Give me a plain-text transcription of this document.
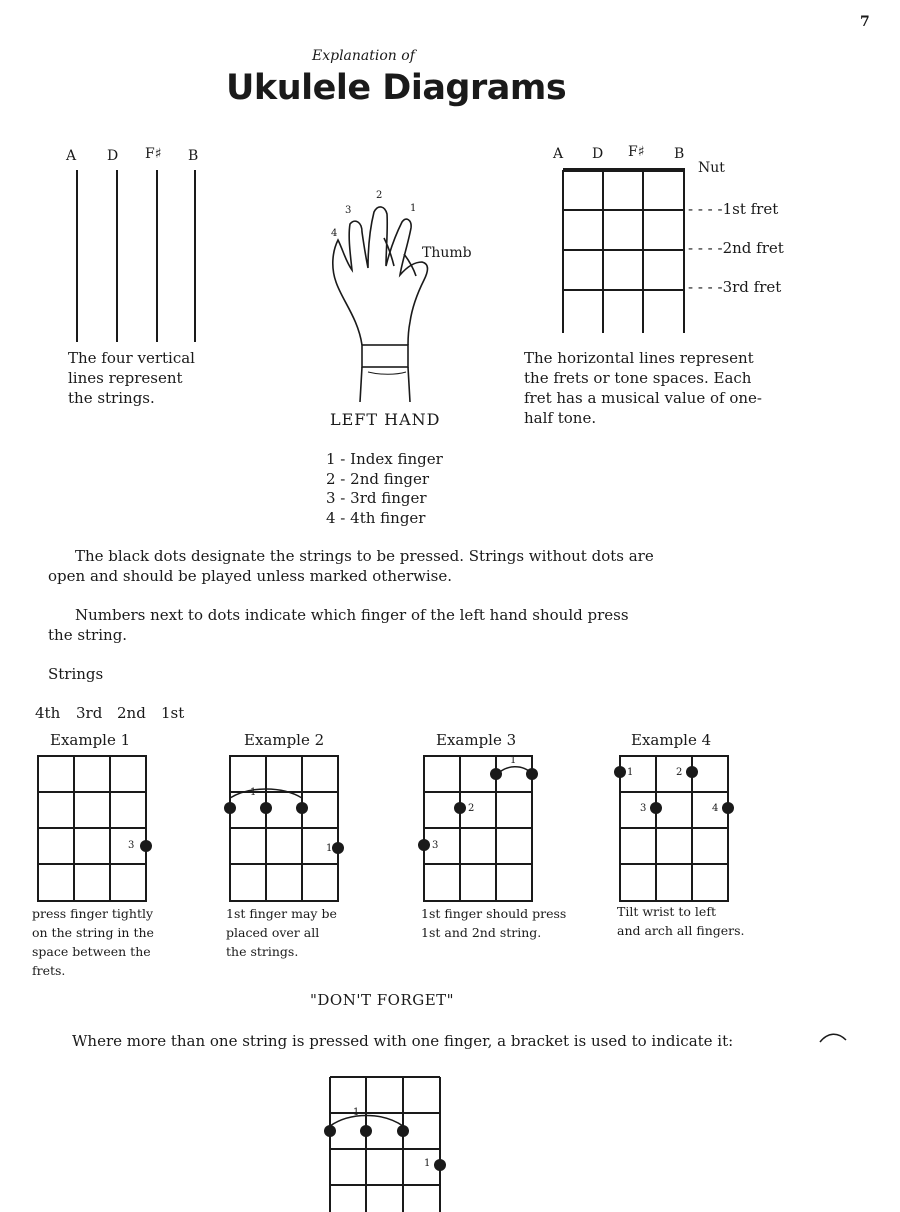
7
Explanation of
Ukulele Diagrams
A D F♯ B
The four vertical
lines represent
the strings.
A D F♯ B
Nut
- - - -1st fret
- - - -2nd fret
- - - -3rd fret
The horizontal lines represent
the frets or tone spaces. Each
fret has a musical value of one-
half tone.
Thumb
4
3
2
1
LEFT HAND
1 - Index finger
2 - 2nd finger
3 - 3rd finger
4 - 4th finger
The black dots designate the strings to be pressed. Strings without dots are
open and should be played unless marked otherwise.
Numbers next to dots indicate which finger of the left hand should press
the string.
Strings
4th 3rd 2nd 1st
Example 1	Example 2	Example 3	Example 4
3
1
1
1
2
3
1	2
3	4
press finger tightly
on the string in the
space between the
frets.
1st finger may be
placed over all
the strings.
1st finger should press
1st and 2nd string.
Tilt wrist to left
and arch all fingers.
"DON'T FORGET"
Where more than one string is pressed with one finger, a bracket is used to indicate it:
1
1
